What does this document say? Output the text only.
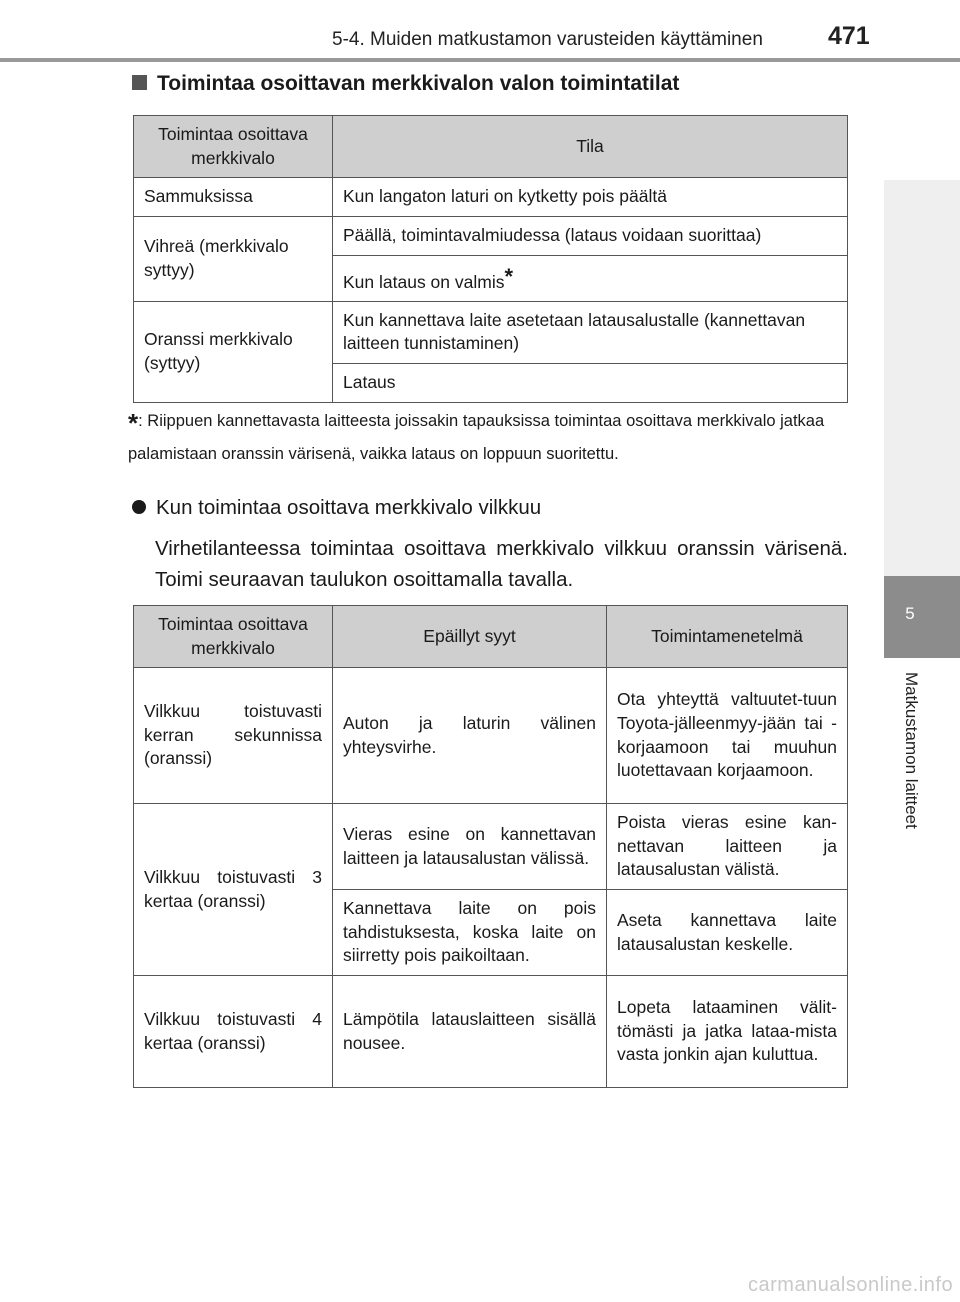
5-4. Muiden matkustamon varusteiden käyttäminen	471
5
Matkustamon laitteet
Toimintaa osoittavan merkkivalon valon toimintatilat
Toimintaa osoittava merkkivalo	Tila
Sammuksissa	Kun langaton laturi on kytketty pois päältä

Vihreä (merkkivalo syttyy)	Päällä, toimintavalmiudessa (lataus voidaan suorittaa)
	Kun lataus on valmis*

Oranssi merkkivalo (syttyy)	Kun kannettava laite asetetaan latausalustalle (kannettavan laitteen tunnistaminen)
	Lataus
*: Riippuen kannettavasta laitteesta joissakin tapauksissa toimintaa osoittava merkkivalo jatkaa palamistaan oranssin värisenä, vaikka lataus on loppuun suoritettu.
Kun toimintaa osoittava merkkivalo vilkkuu
Virhetilanteessa toimintaa osoittava merkkivalo vilkkuu oranssin värisenä. Toimi seuraavan taulukon osoittamalla tavalla.
Toimintaa osoittava merkkivalo	Epäillyt syyt	Toimintamenetelmä
Vilkkuu toistuvasti kerran sekunnissa (oranssi)	Auton ja laturin välinen yhteysvirhe.	Ota yhteyttä valtuutet-tuun Toyota-jälleenmyy-jään tai -korjaamoon tai muuhun luotettavaan korjaamoon.
Vilkkuu toistuvasti 3 kertaa (oranssi)	Vieras esine on kannettavan laitteen ja latausalustan välissä.	Poista vieras esine kan-nettavan laitteen ja latausalustan välistä.
	Kannettava laite on pois tahdistuksesta, koska laite on siirretty pois paikoiltaan.	Aseta kannettava laite latausalustan keskelle.
Vilkkuu toistuvasti 4 kertaa (oranssi)	Lämpötila latauslaitteen sisällä nousee.	Lopeta lataaminen välit-tömästi ja jatka lataa-mista vasta jonkin ajan kuluttua.
carmanualsonline.info
